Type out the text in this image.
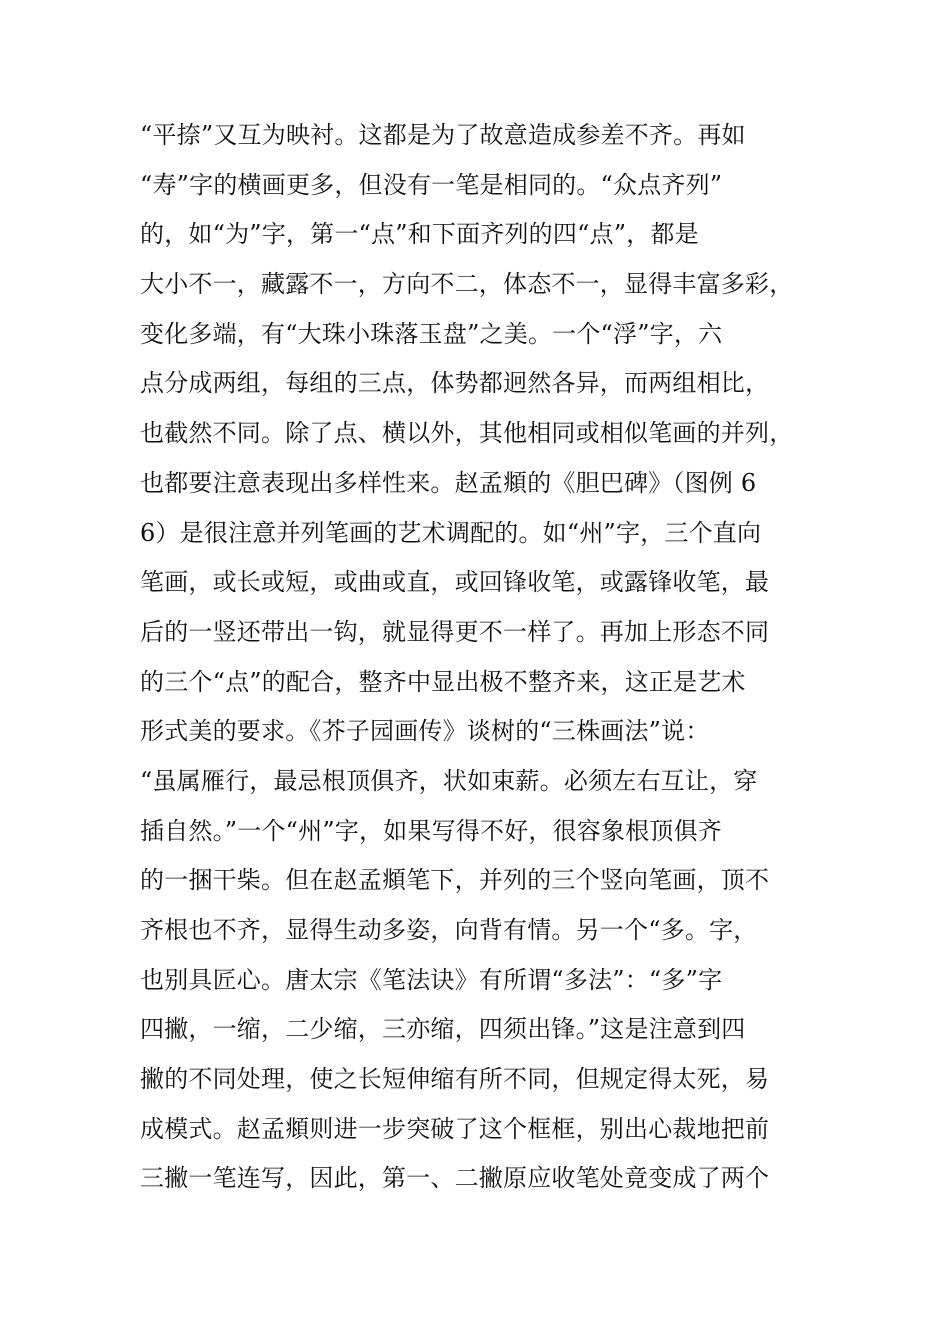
“平捺”又互为映衬。这都是为了故意造成参差不齐。再如
“寿”字的横画更多，但没有一笔是相同的。“众点齐列”
的，如“为”字，第一“点”和下面齐列的四“点”，都是
大小不一，藏露不一，方向不二，体态不一，显得丰富多彩，
变化多端，有“大珠小珠落玉盘”之美。一个“浮”字，六
点分成两组，每组的三点，体势都迥然各异，而两组相比，
也截然不同。除了点、横以外，其他相同或相似笔画的并列，
也都要注意表现出多样性来。赵孟頫的《胆巴碑》（图例 6
6）是很注意并列笔画的艺术调配的。如“州”字，三个直向
笔画，或长或短，或曲或直，或回锋收笔，或露锋收笔，最
后的一竖还带出一钩，就显得更不一样了。再加上形态不同
的三个“点”的配合，整齐中显出极不整齐来，这正是艺术
形式美的要求。《芥子园画传》谈树的“三株画法”说：
“虽属雁行，最忌根顶俱齐，状如束薪。必须左右互让，穿
插自然。”一个“州”字，如果写得不好，很容象根顶俱齐
的一捆干柴。但在赵孟頫笔下，并列的三个竖向笔画，顶不
齐根也不齐，显得生动多姿，向背有情。另一个“多。字，
也别具匠心。唐太宗《笔法诀》有所谓“多法”：“多”字
四撇，一缩，二少缩，三亦缩，四须出锋。”这是注意到四
撇的不同处理，使之长短伸缩有所不同，但规定得太死，易
成模式。赵孟頫则进一步突破了这个框框，别出心裁地把前
三撇一笔连写，因此，第一、二撇原应收笔处竟变成了两个
